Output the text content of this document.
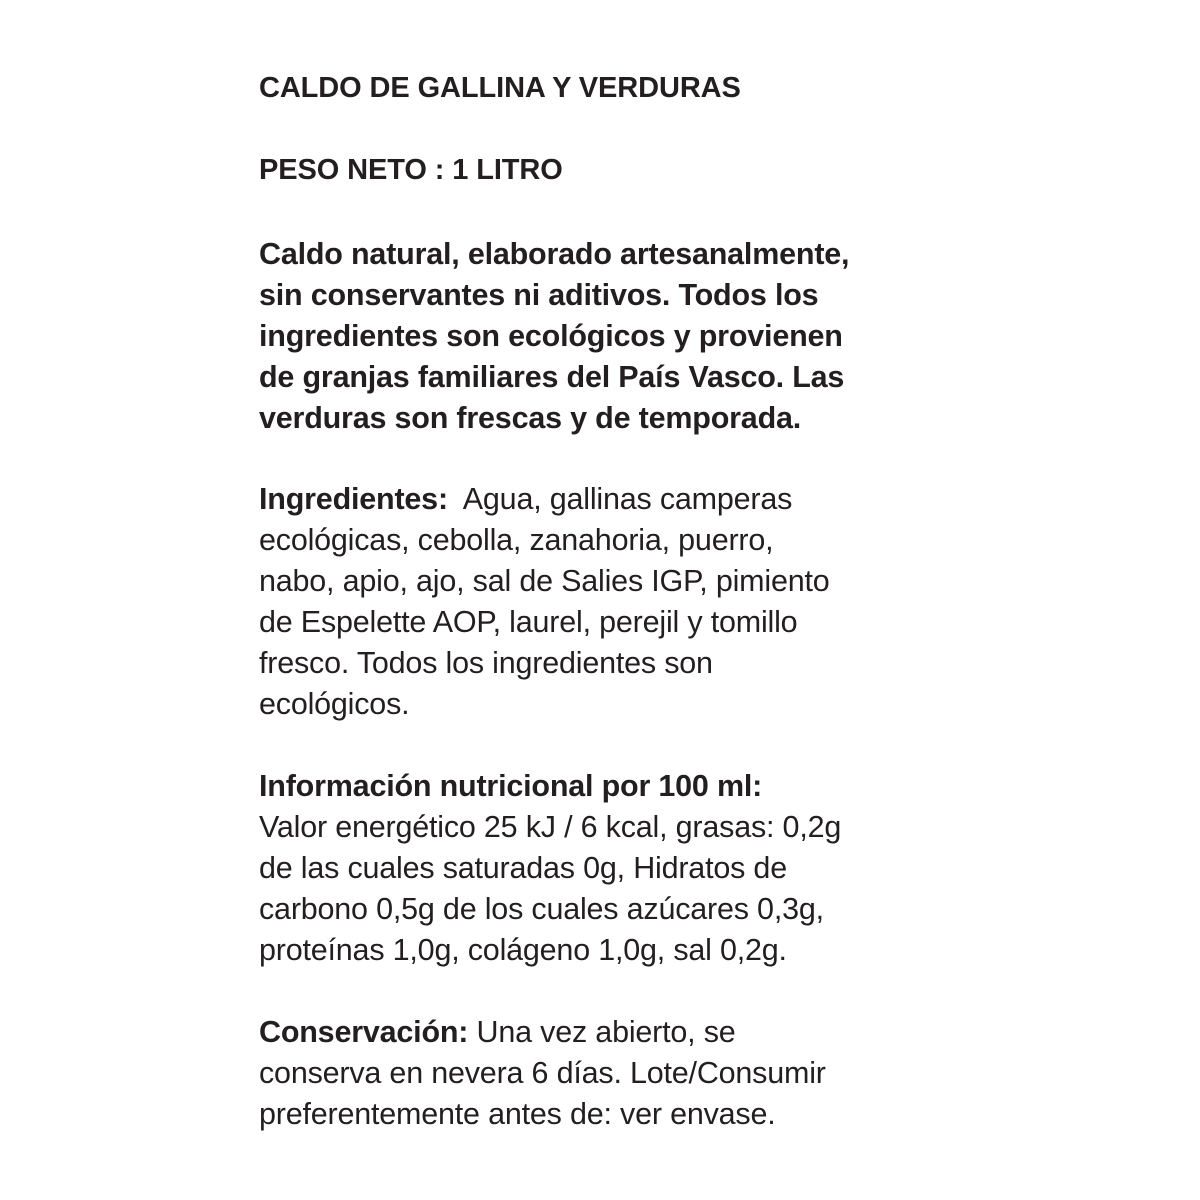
CALDO DE GALLINA Y VERDURAS
PESO NETO : 1 LITRO
Caldo natural, elaborado artesanalmente,
sin conservantes ni aditivos. Todos los
ingredientes son ecológicos y provienen
de granjas familiares del País Vasco. Las
verduras son frescas y de temporada.
Ingredientes:  Agua, gallinas camperas
ecológicas, cebolla, zanahoria, puerro,
nabo, apio, ajo, sal de Salies IGP, pimiento
de Espelette AOP, laurel, perejil y tomillo
fresco. Todos los ingredientes son
ecológicos.
Información nutricional por 100 ml:
Valor energético 25 kJ / 6 kcal, grasas: 0,2g
de las cuales saturadas 0g, Hidratos de
carbono 0,5g de los cuales azúcares 0,3g,
proteínas 1,0g, colágeno 1,0g, sal 0,2g.
Conservación: Una vez abierto, se
conserva en nevera 6 días. Lote/Consumir
preferentemente antes de: ver envase.
